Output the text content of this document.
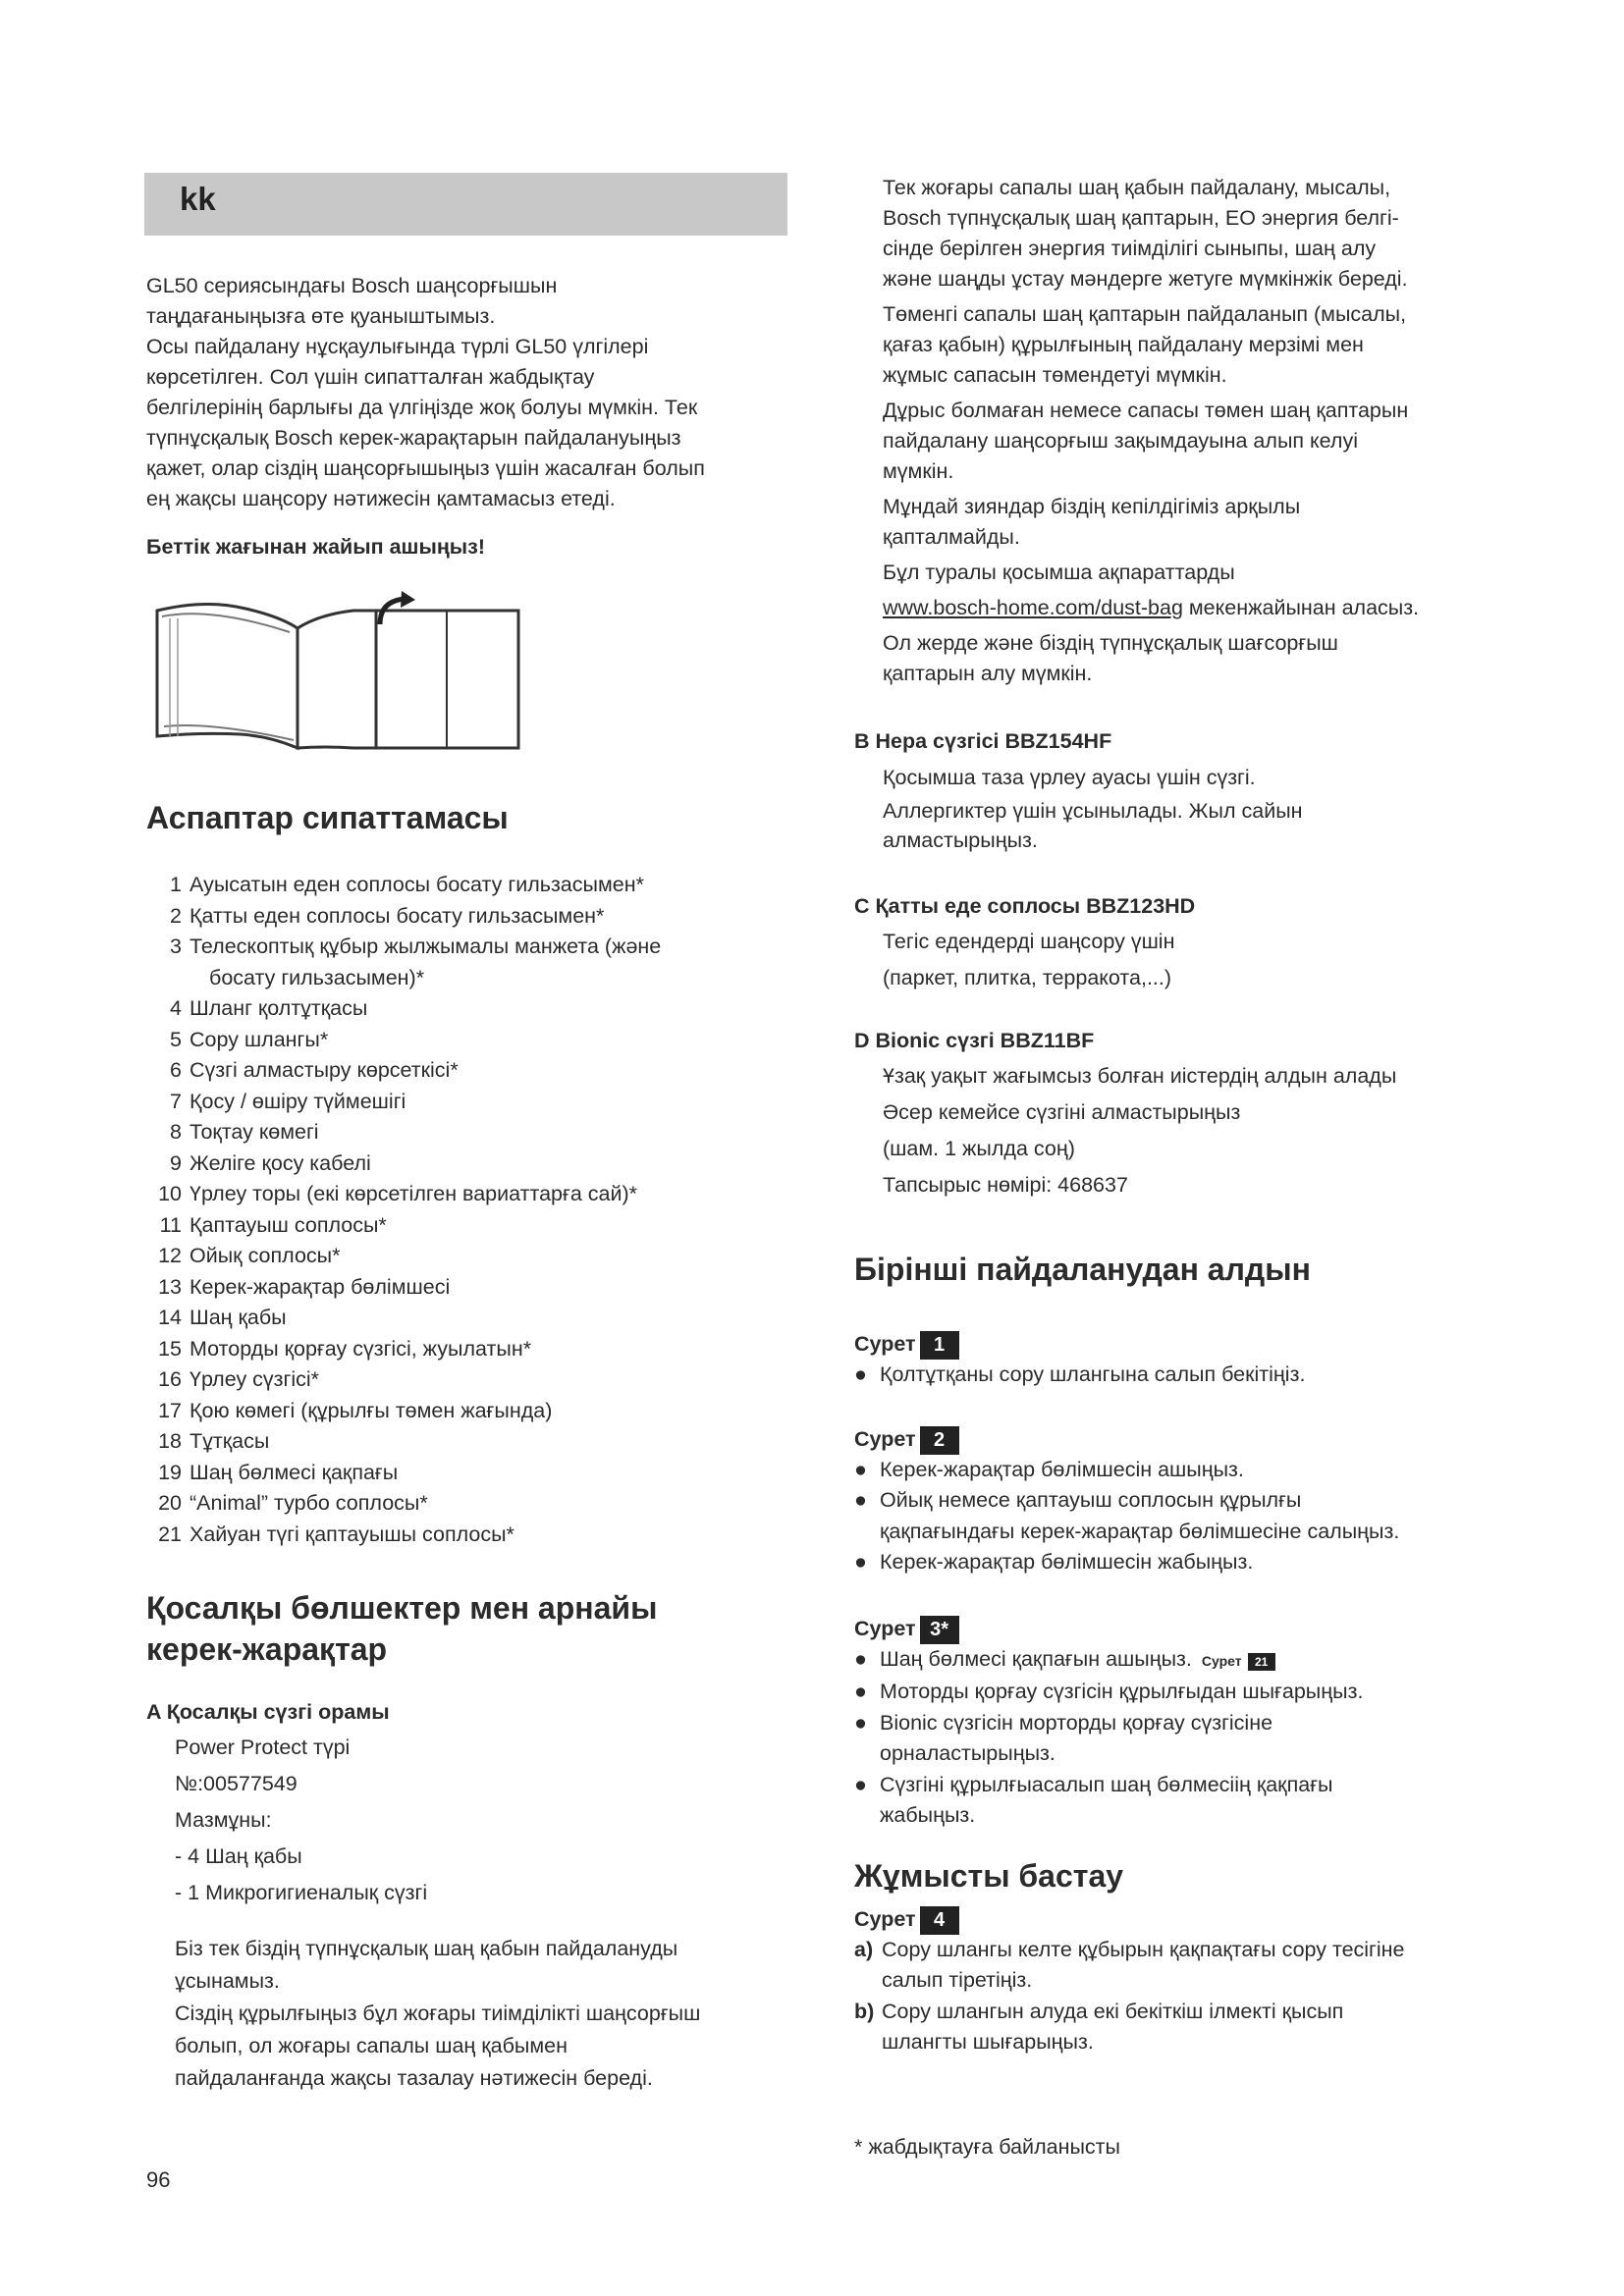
kk
GL50 сериясындағы Bosch шаңсорғышын
таңдағаныңызға өте қуаныштымыз.
Осы пайдалану нұсқаулығында түрлі GL50 үлгілері
көрсетілген. Сол үшін сипатталған жабдықтау
белгілерінің барлығы да үлгіңізде жоқ болуы мүмкін. Тек
түпнұсқалық Bosch керек-жарақтарын пайдалануыңыз
қажет, олар сіздің шаңсорғышыңыз үшін жасалған болып
ең жақсы шаңсору нәтижесін қамтамасыз етеді.
Беттік жағынан жайып ашыңыз!
Аспаптар сипаттамасы
1 Ауысатын еден соплосы босату гильзасымен*
2 Қатты еден соплосы босату гильзасымен*
3 Телескоптық құбыр жылжымалы манжета (және
босату гильзасымен)*
4 Шланг қолтұтқасы
5 Сору шлангы*
6 Сүзгі алмастыру көрсеткісі*
7 Қосу / өшіру түймешігі
8 Тоқтау көмегі
9 Желіге қосу кабелі
10 Үрлеу торы (екі көрсетілген вариаттарға сай)*
11 Қаптауыш соплосы*
12 Ойық соплосы*
13 Керек-жарақтар бөлімшесі
14 Шаң қабы
15 Моторды қорғау сүзгісі, жуылатын*
16 Үрлеу сүзгісі*
17 Қою көмегі (құрылғы төмен жағында)
18 Тұтқасы
19 Шаң бөлмесі қақпағы
20 “Animal” турбо соплосы*
21 Хайуан түгі қаптауышы соплосы*
Қосалқы бөлшектер мен арнайы
керек-жарақтар
A Қосалқы сүзгі орамы
Power Protect түрі
№:00577549
Мазмұны:
- 4 Шаң қабы
- 1 Микрогигиеналық сүзгі
Біз тек біздің түпнұсқалық шаң қабын пайдалануды
ұсынамыз.
Сіздің құрылғыңыз бұл жоғары тиімділікті шаңсорғыш
болып, ол жоғары сапалы шаң қабымен
пайдаланғанда жақсы тазалау нәтижесін береді.
Тек жоғары сапалы шаң қабын пайдалану, мысалы,
Bosch түпнұсқалық шаң қаптарын, ЕО энергия белгі-
сінде берілген энергия тиімділігі сыныпы, шаң алу
және шаңды ұстау мәндерге жетуге мүмкінжік береді.
Төменгі сапалы шаң қаптарын пайдаланып (мысалы,
қағаз қабын) құрылғының пайдалану мерзімі мен
жұмыс сапасын төмендетуі мүмкін.
Дұрыс болмаған немесе сапасы төмен шаң қаптарын
пайдалану шаңсорғыш зақымдауына алып келуі
мүмкін.
Мұндай зияндар біздің кепілдігіміз арқылы
қапталмайды.
Бұл туралы қосымша ақпараттарды
www.bosch-home.com/dust-bag мекенжайынан аласыз.
Ол жерде және біздің түпнұсқалық шағсорғыш
қаптарын алу мүмкін.
B Нера сүзгісі BBZ154HF
Қосымша таза үрлеу ауасы үшін сүзгі.
Аллергиктер үшін ұсынылады. Жыл сайын
алмастырыңыз.
C Қатты еде соплосы BBZ123HD
Тегіс едендерді шаңсору үшін
(паркет, плитка, терракота,...)
D Bionic сүзгі BBZ11BF
Ұзақ уақыт жағымсыз болған иістердің алдын алады
Әсер кемейсе сүзгіні алмастырыңыз
(шам. 1 жылда соң)
Тапсырыс нөмірі: 468637
Бірінші пайдаланудан алдын
Сурет 1
● Қолтұтқаны сору шлангына салып бекітіңіз.
Сурет 2
● Керек-жарақтар бөлімшесін ашыңыз.
● Ойық немесе қаптауыш соплосын құрылғы
қақпағындағы керек-жарақтар бөлімшесіне салыңыз.
● Керек-жарақтар бөлімшесін жабыңыз.
Сурет 3*
● Шаң бөлмесі қақпағын ашыңыз. Сурет 21
● Моторды қорғау сүзгісін құрылғыдан шығарыңыз.
● Bionic сүзгісін морторды қорғау сүзгісіне
орналастырыңыз.
● Сүзгіні құрылғыасалып шаң бөлмесіің қақпағы
жабыңыз.
Жұмысты бастау
Сурет 4
a) Сору шлангы келте құбырын қақпақтағы сору тесігіне
салып тіретіңіз.
b) Сору шлангын алуда екі бекіткіш ілмекті қысып
шлангты шығарыңыз.
* жабдықтауға байланысты
96
